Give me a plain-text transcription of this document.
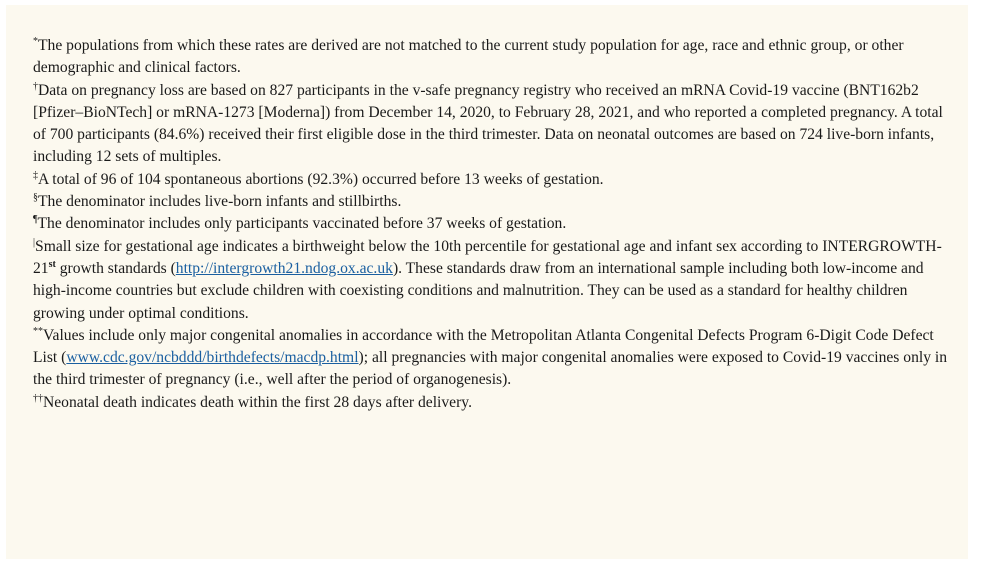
*The populations from which these rates are derived are not matched to the current study population for age, race and ethnic group, or other demographic and clinical factors.

†Data on pregnancy loss are based on 827 participants in the v-safe pregnancy registry who received an mRNA Covid-19 vaccine (BNT162b2 [Pfizer–BioNTech] or mRNA-1273 [Moderna]) from December 14, 2020, to February 28, 2021, and who reported a completed pregnancy. A total of 700 participants (84.6%) received their first eligible dose in the third trimester. Data on neonatal outcomes are based on 724 live-born infants, including 12 sets of multiples.

‡A total of 96 of 104 spontaneous abortions (92.3%) occurred before 13 weeks of gestation.

§The denominator includes live-born infants and stillbirths.

¶The denominator includes only participants vaccinated before 37 weeks of gestation.

|Small size for gestational age indicates a birthweight below the 10th percentile for gestational age and infant sex according to INTERGROWTH-21st growth standards (http://intergrowth21.ndog.ox.ac.uk). These standards draw from an international sample including both low-income and high-income countries but exclude children with coexisting conditions and malnutrition. They can be used as a standard for healthy children growing under optimal conditions.

**Values include only major congenital anomalies in accordance with the Metropolitan Atlanta Congenital Defects Program 6-Digit Code Defect List (www.cdc.gov/ncbddd/birthdefects/macdp.html); all pregnancies with major congenital anomalies were exposed to Covid-19 vaccines only in the third trimester of pregnancy (i.e., well after the period of organogenesis).

††Neonatal death indicates death within the first 28 days after delivery.
